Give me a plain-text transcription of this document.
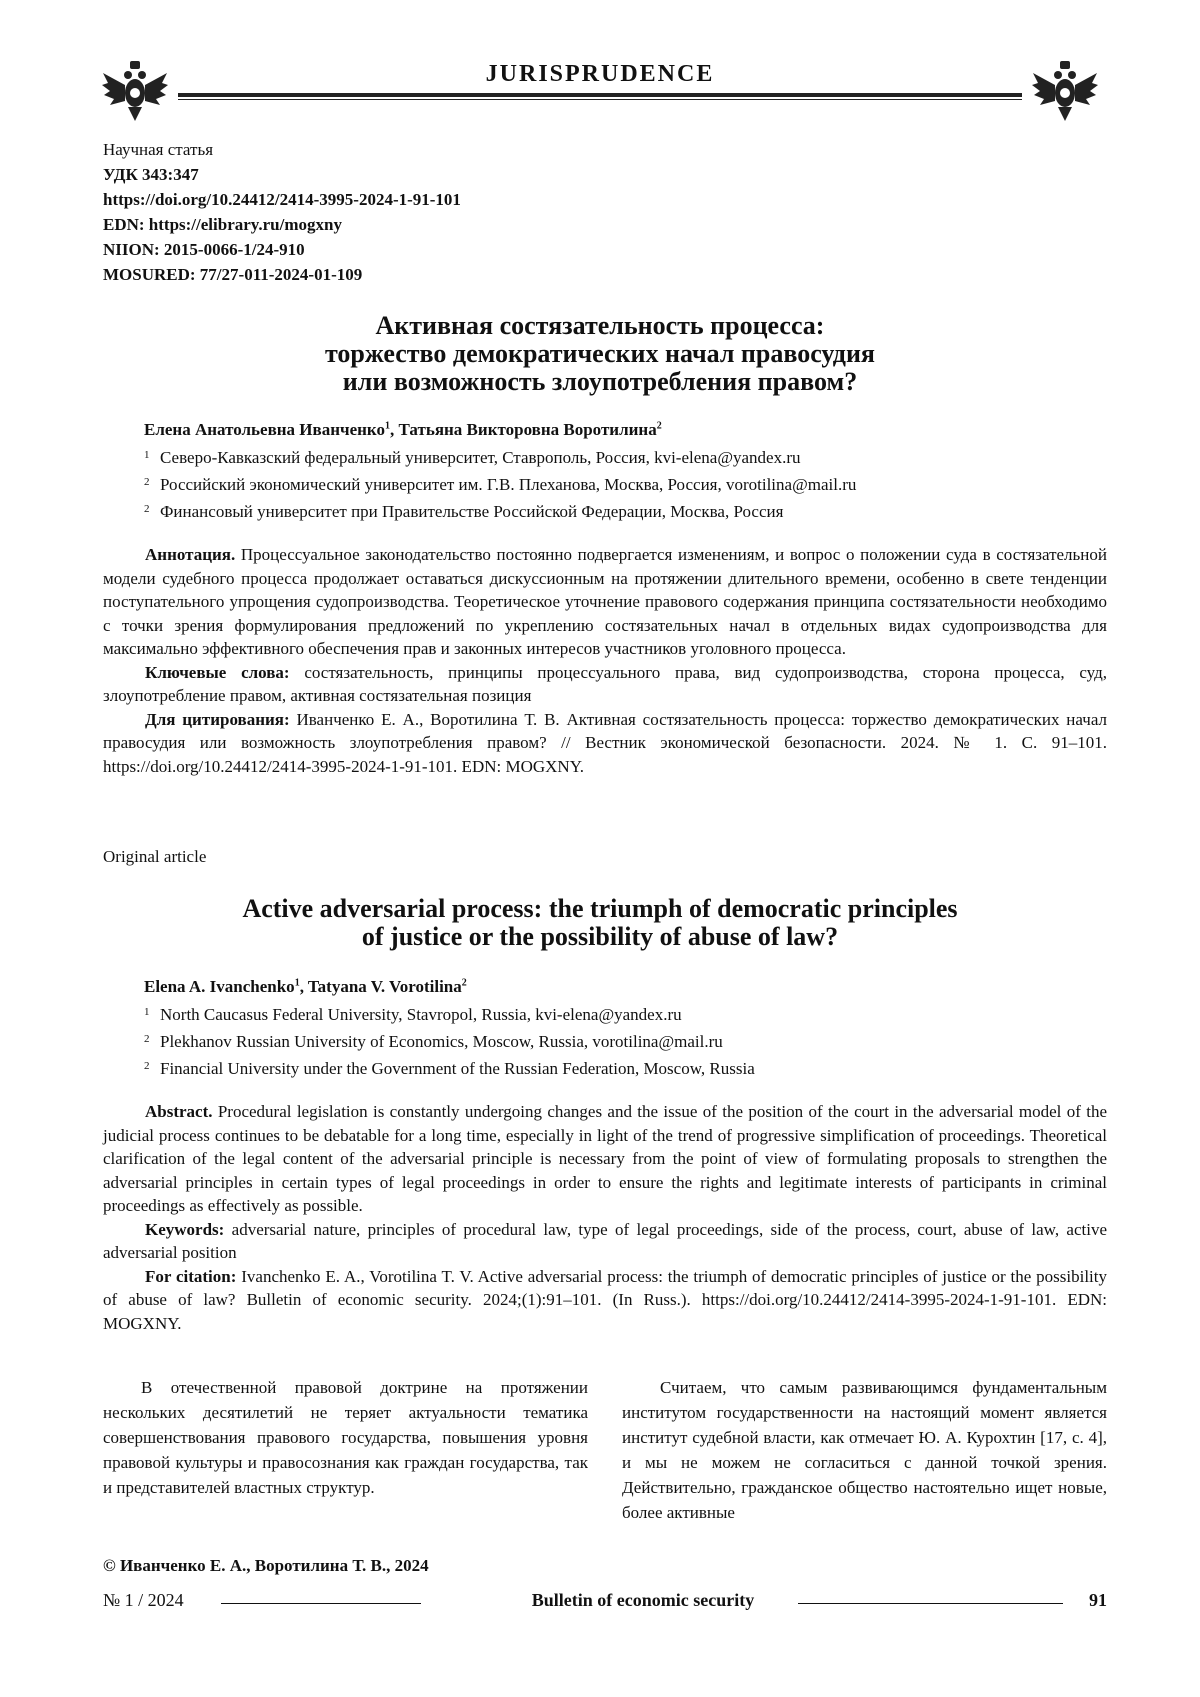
JURISPRUDENCE
Научная статья
УДК 343:347
https://doi.org/10.24412/2414-3995-2024-1-91-101
EDN: https://elibrary.ru/mogxny
NIION: 2015-0066-1/24-910
MOSURED: 77/27-011-2024-01-109
Активная состязательность процесса:
торжество демократических начал правосудия
или возможность злоупотребления правом?
Елена Анатольевна Иванченко$^1$, Татьяна Викторовна Воротилина$^2$
1 Северо-Кавказский федеральный университет, Ставрополь, Россия, kvi-elena@yandex.ru
2 Российский экономический университет им. Г.В. Плеханова, Москва, Россия, vorotilina@mail.ru
2 Финансовый университет при Правительстве Российской Федерации, Москва, Россия

Аннотация. Процессуальное законодательство постоянно подвергается изменениям, и вопрос о положении суда в состязательной модели судебного процесса продолжает оставаться дискуссионным на протяжении длительного времени, особенно в свете тенденции поступательного упрощения судопроизводства. Теоретическое уточнение правового содержания принципа состязательности необходимо с точки зрения формулирования предложений по укреплению состязательных начал в отдельных видах судопроизводства для максимально эффективного обеспечения прав и законных интересов участников уголовного процесса.

Ключевые слова: состязательность, принципы процессуального права, вид судопроизводства, сторона процесса, суд, злоупотребление правом, активная состязательная позиция

Для цитирования: Иванченко Е. А., Воротилина Т. В. Активная состязательность процесса: торжество демократических начал правосудия или возможность злоупотребления правом? // Вестник экономической безопасности. 2024. № 1. С. 91–101. https://doi.org/10.24412/2414-3995-2024-1-91-101. EDN: MOGXNY.

Original article
Active adversarial process: the triumph of democratic principles
of justice or the possibility of abuse of law?
Elena A. Ivanchenko$^1$, Tatyana V. Vorotilina$^2$
1 North Caucasus Federal University, Stavropol, Russia, kvi-elena@yandex.ru
2 Plekhanov Russian University of Economics, Moscow, Russia, vorotilina@mail.ru
2 Financial University under the Government of the Russian Federation, Moscow, Russia

Abstract. Procedural legislation is constantly undergoing changes and the issue of the position of the court in the adversarial model of the judicial process continues to be debatable for a long time, especially in light of the trend of progressive simplification of proceedings. Theoretical clarification of the legal content of the adversarial principle is necessary from the point of view of formulating proposals to strengthen the adversarial principles in certain types of legal proceedings in order to ensure the rights and legitimate interests of participants in criminal proceedings as effectively as possible.

Keywords: adversarial nature, principles of procedural law, type of legal proceedings, side of the process, court, abuse of law, active adversarial position

For citation: Ivanchenko E. A., Vorotilina T. V. Active adversarial process: the triumph of democratic principles of justice or the possibility of abuse of law? Bulletin of economic security. 2024;(1):91–101. (In Russ.). https://doi.org/10.24412/2414-3995-2024-1-91-101. EDN: MOGXNY.

В отечественной правовой доктрине на протяжении нескольких десятилетий не теряет актуальности тематика совершенствования правового государства, повышения уровня правовой культуры и правосознания как граждан государства, так и представителей властных структур.

Считаем, что самым развивающимся фундаментальным институтом государственности на настоящий момент является институт судебной власти, как отмечает Ю. А. Курохтин [17, с. 4], и мы не можем не согласиться с данной точкой зрения. Действительно, гражданское общество настоятельно ищет новые, более активные

© Иванченко Е. А., Воротилина Т. В., 2024
№ 1 / 2024	Bulletin of economic security	91
